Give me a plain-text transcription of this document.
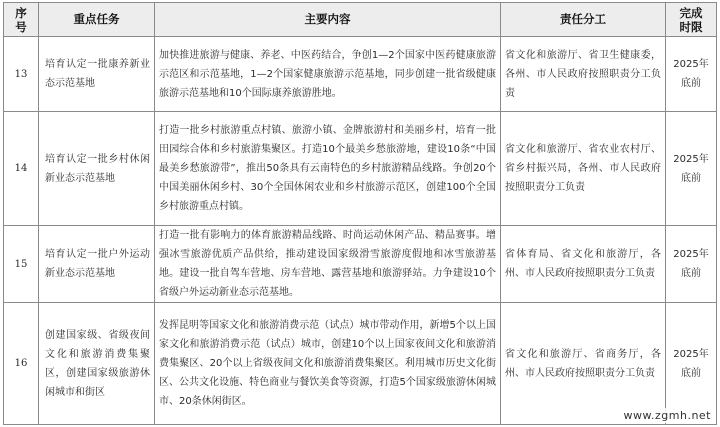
序号	重点任务	主要内容	责任分工	完成时限
13	培育认定一批康养新业态示范基地	加快推进旅游与健康、养老、中医药结合，争创1—2个国家中医药健康旅游示范区和示范基地，1—2个国家健康旅游示范基地，同步创建一批省级健康旅游示范基地和10个国际康养旅游胜地。	省文化和旅游厅、省卫生健康委，各州、市人民政府按照职责分工负责	2025年底前
14	培育认定一批乡村休闲新业态示范基地	打造一批乡村旅游重点村镇、旅游小镇、金牌旅游村和美丽乡村，培育一批田园综合体和乡村旅游集聚区。打造10个最美乡愁旅游地，建设10条“中国最美乡愁旅游带”，推出50条具有云南特色的乡村旅游精品线路。争创20个中国美丽休闲乡村、30个全国休闲农业和乡村旅游示范区，创建100个全国乡村旅游重点村镇。	省文化和旅游厅、省农业农村厅、省乡村振兴局，各州、市人民政府按照职责分工负责	2025年底前
15	培育认定一批户外运动新业态示范基地	打造一批有影响力的体育旅游精品线路、时尚运动休闲产品、精品赛事。增强冰雪旅游优质产品供给，推动建设国家级滑雪旅游度假地和冰雪旅游基地。建设一批自驾车营地、房车营地、露营基地和旅游驿站。力争建设10个省级户外运动新业态示范基地。	省体育局、省文化和旅游厅，各州、市人民政府按照职责分工负责	2025年底前
16	创建国家级、省级夜间文化和旅游消费集聚区，创建国家级旅游休闲城市和街区	发挥昆明等国家文化和旅游消费示范（试点）城市带动作用，新增5个以上国家文化和旅游消费示范（试点）城市，创建10个以上国家夜间文化和旅游消费集聚区、20个以上省级夜间文化和旅游消费集聚区。利用城市历史文化街区、公共文化设施、特色商业与餐饮美食等资源，打造5个国家级旅游休闲城市、20条休闲街区。	省文化和旅游厅、省商务厅，各州、市人民政府按照职责分工负责	2025年底前
www.zgmh.net
